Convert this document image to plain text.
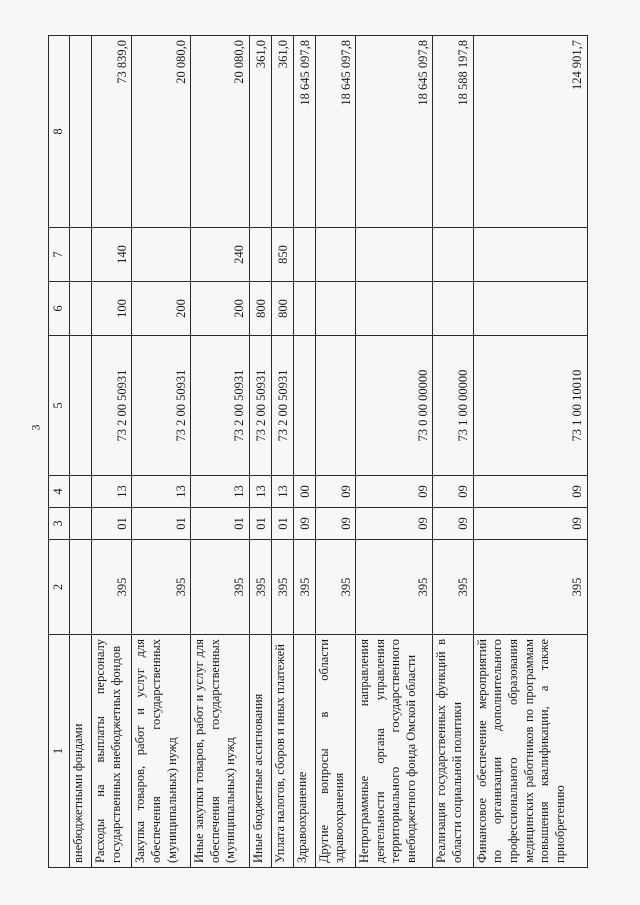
3
1	2	3	4	5	6	7	8
внебюджетными фондами							
Расходы на выплаты персоналу государственных внебюджетных фондов	395	01	13	73 2 00 50931	100	140	73 839,0
Закупка товаров, работ и услуг для обеспечения государственных (муниципальных) нужд	395	01	13	73 2 00 50931	200		20 080,0
Иные закупки товаров, работ и услуг для обеспечения государственных (муниципальных) нужд	395	01	13	73 2 00 50931	200	240	20 080,0
Иные бюджетные ассигнования	395	01	13	73 2 00 50931	800		361,0
Уплата налогов, сборов и иных платежей	395	01	13	73 2 00 50931	800	850	361,0
Здравоохранение	395	09	00				18 645 097,8
Другие вопросы в области здравоохранения	395	09	09				18 645 097,8
Непрограммные направления деятельности органа управления территориального государственного внебюджетного фонда Омской области	395	09	09	73 0 00 00000			18 645 097,8
Реализация государственных функций в области социальной политики	395	09	09	73 1 00 00000			18 588 197,8
Финансовое обеспечение мероприятий по организации дополнительного профессионального образования медицинских работников по программам повышения квалификации, а также приобретению	395	09	09	73 1 00 10010			124 901,7
